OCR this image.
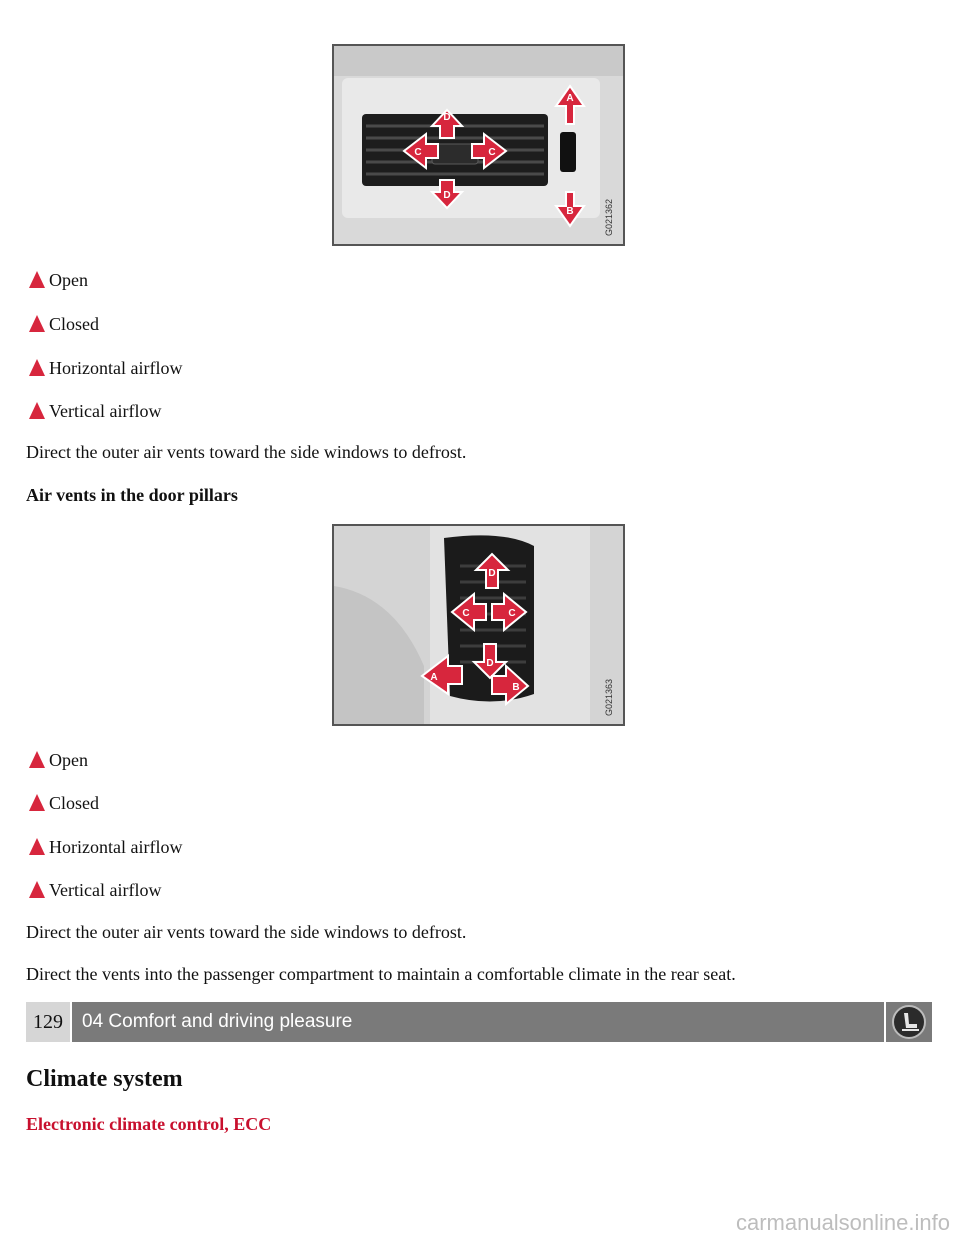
D
D
C	C
A
B	G021362
Open
Closed
Horizontal airflow
Vertical airflow
Direct the outer air vents toward the side windows to defrost.
Air vents in the door pillars
D
D
C	C
A
B	G021363
Open
Closed
Horizontal airflow
Vertical airflow
Direct the outer air vents toward the side windows to defrost.
Direct the vents into the passenger compartment to maintain a comfortable climate in the rear seat.
129	04 Comfort and driving pleasure
Climate system
Electronic climate control, ECC
carmanualsonline.info
